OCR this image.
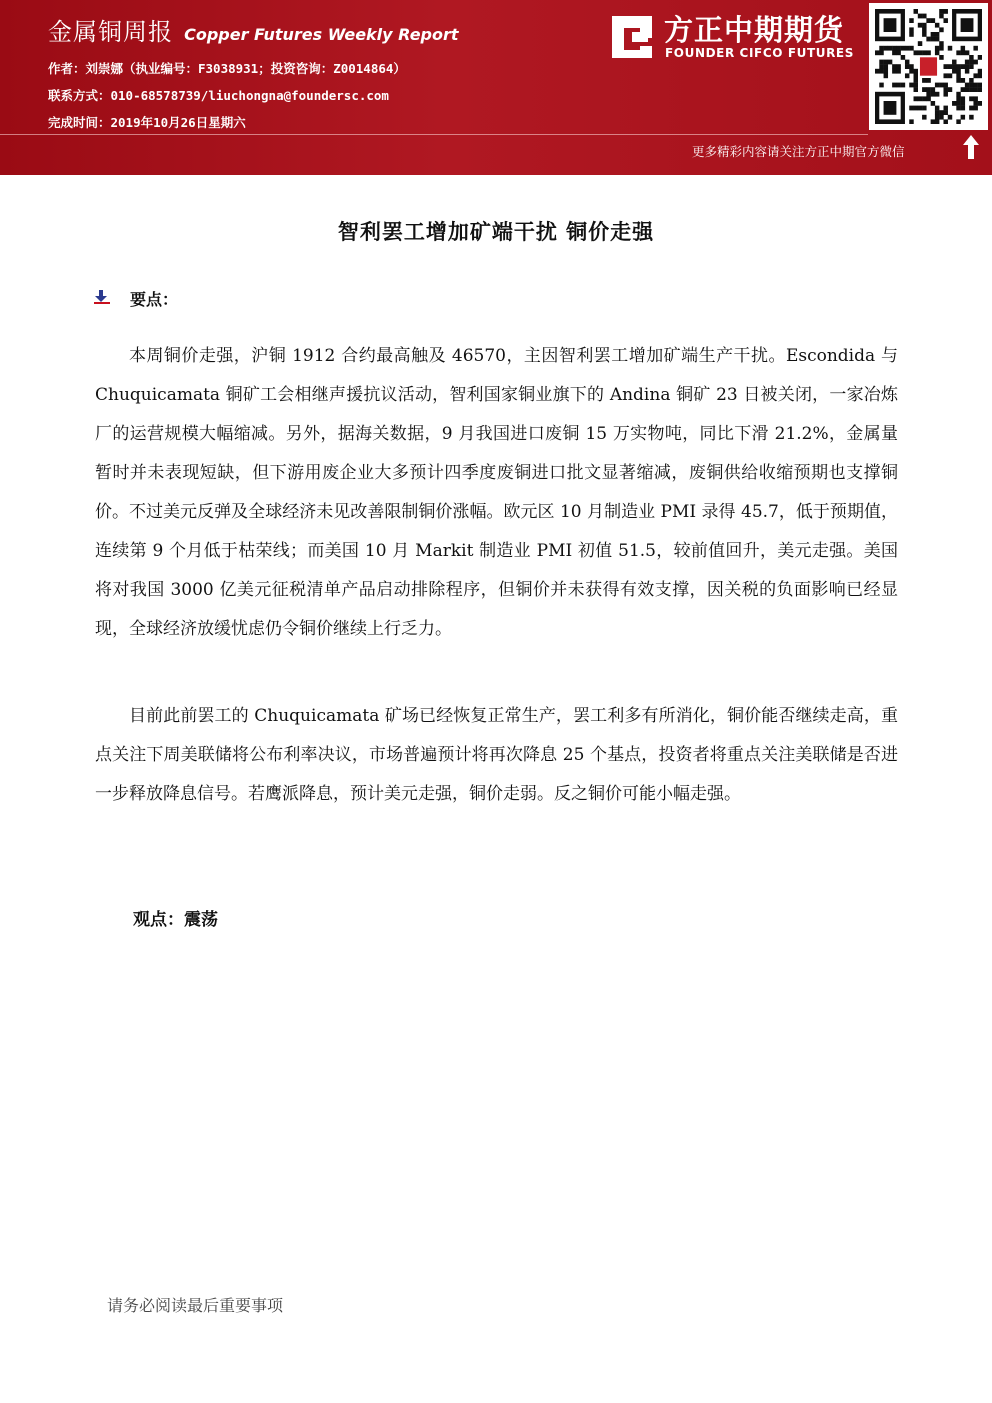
金属铜周报 Copper Futures Weekly Report
作者：刘崇娜（执业编号：F3038931；投资咨询：Z0014864）
联系方式：010-68578739/liuchongna@foundersc.com
完成时间：2019年10月26日星期六
方正中期期货
FOUNDER CIFCO FUTURES
更多精彩内容请关注方正中期官方微信
智利罢工增加矿端干扰 铜价走强
要点：

本周铜价走强，沪铜 1912 合约最高触及 46570，主因智利罢工增加矿端生产干扰。Escondida 与 Chuquicamata 铜矿工会相继声援抗议活动，智利国家铜业旗下的 Andina 铜矿 23 日被关闭，一家冶炼厂的运营规模大幅缩减。另外，据海关数据，9 月我国进口废铜 15 万实物吨，同比下滑 21.2%，金属量暂时并未表现短缺，但下游用废企业大多预计四季度废铜进口批文显著缩减，废铜供给收缩预期也支撑铜价。不过美元反弹及全球经济未见改善限制铜价涨幅。欧元区 10 月制造业 PMI 录得 45.7，低于预期值，连续第 9 个月低于枯荣线；而美国 10 月 Markit 制造业 PMI 初值 51.5，较前值回升，美元走强。美国将对我国 3000 亿美元征税清单产品启动排除程序，但铜价并未获得有效支撑，因关税的负面影响已经显现，全球经济放缓忧虑仍令铜价继续上行乏力。

目前此前罢工的 Chuquicamata 矿场已经恢复正常生产，罢工利多有所消化，铜价能否继续走高，重点关注下周美联储将公布利率决议，市场普遍预计将再次降息 25 个基点，投资者将重点关注美联储是否进一步释放降息信号。若鹰派降息，预计美元走强，铜价走弱。反之铜价可能小幅走强。

观点：震荡
请务必阅读最后重要事项
